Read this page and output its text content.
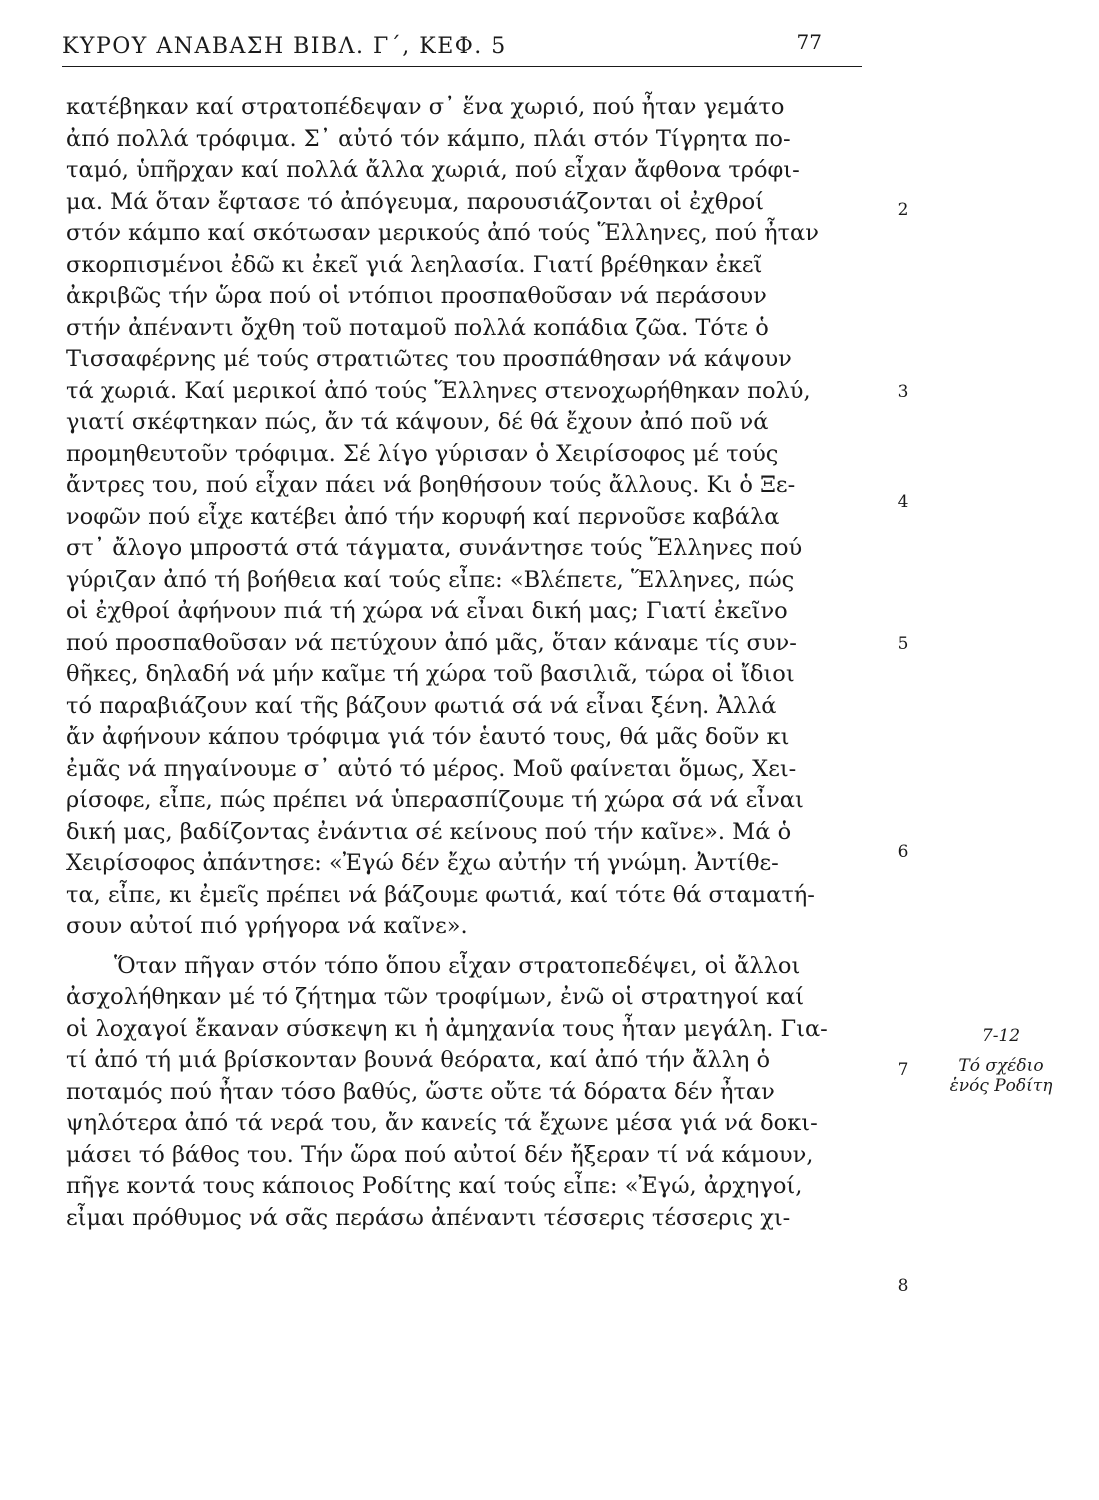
ΚΥΡΟΥ ΑΝΑΒΑΣΗ ΒΙΒΛ. Γ΄, ΚΕΦ. 5	77
κατέβηκαν καί στρατοπέδεψαν σ᾽ ἕνα χωριό, πού ἦταν γεμάτο
ἀπό πολλά τρόφιμα. Σ᾽ αὐτό τόν κάμπο, πλάι στόν Τίγρητα πο-
ταμό, ὑπῆρχαν καί πολλά ἄλλα χωριά, πού εἶχαν ἄφθονα τρόφι-
μα. Μά ὅταν ἔφτασε τό ἀπόγευμα, παρουσιάζονται οἱ ἐχθροί
στόν κάμπο καί σκότωσαν μερικούς ἀπό τούς Ἕλληνες, πού ἦταν
σκορπισμένοι ἐδῶ κι ἐκεῖ γιά λεηλασία. Γιατί βρέθηκαν ἐκεῖ
ἀκριβῶς τήν ὥρα πού οἱ ντόπιοι προσπαθοῦσαν νά περάσουν
στήν ἀπέναντι ὄχθη τοῦ ποταμοῦ πολλά κοπάδια ζῶα. Τότε ὁ
Τισσαφέρνης μέ τούς στρατιῶτες του προσπάθησαν νά κάψουν
τά χωριά. Καί μερικοί ἀπό τούς Ἕλληνες στενοχωρήθηκαν πολύ,
γιατί σκέφτηκαν πώς, ἄν τά κάψουν, δέ θά ἔχουν ἀπό ποῦ νά
προμηθευτοῦν τρόφιμα. Σέ λίγο γύρισαν ὁ Χειρίσοφος μέ τούς
ἄντρες του, πού εἶχαν πάει νά βοηθήσουν τούς ἄλλους. Κι ὁ Ξε-
νοφῶν πού εἶχε κατέβει ἀπό τήν κορυφή καί περνοῦσε καβάλα
στ᾽ ἄλογο μπροστά στά τάγματα, συνάντησε τούς Ἕλληνες πού
γύριζαν ἀπό τή βοήθεια καί τούς εἶπε: «Βλέπετε, Ἕλληνες, πώς
οἱ ἐχθροί ἀφήνουν πιά τή χώρα νά εἶναι δική μας; Γιατί ἐκεῖνο
πού προσπαθοῦσαν νά πετύχουν ἀπό μᾶς, ὅταν κάναμε τίς συν-
θῆκες, δηλαδή νά μήν καῖμε τή χώρα τοῦ βασιλιᾶ, τώρα οἱ ἴδιοι
τό παραβιάζουν καί τῆς βάζουν φωτιά σά νά εἶναι ξένη. Ἀλλά
ἄν ἀφήνουν κάπου τρόφιμα γιά τόν ἑαυτό τους, θά μᾶς δοῦν κι
ἐμᾶς νά πηγαίνουμε σ᾽ αὐτό τό μέρος. Μοῦ φαίνεται ὅμως, Χει-
ρίσοφε, εἶπε, πώς πρέπει νά ὑπερασπίζουμε τή χώρα σά νά εἶναι
δική μας, βαδίζοντας ἐνάντια σέ κείνους πού τήν καῖνε». Μά ὁ
Χειρίσοφος ἀπάντησε: «Ἐγώ δέν ἔχω αὐτήν τή γνώμη. Ἀντίθε-
τα, εἶπε, κι ἐμεῖς πρέπει νά βάζουμε φωτιά, καί τότε θά σταματή-
σουν αὐτοί πιό γρήγορα νά καῖνε».
Ὅταν πῆγαν στόν τόπο ὅπου εἶχαν στρατοπεδέψει, οἱ ἄλλοι
ἀσχολήθηκαν μέ τό ζήτημα τῶν τροφίμων, ἐνῶ οἱ στρατηγοί καί
οἱ λοχαγοί ἔκαναν σύσκεψη κι ἡ ἀμηχανία τους ἦταν μεγάλη. Για-
τί ἀπό τή μιά βρίσκονταν βουνά θεόρατα, καί ἀπό τήν ἄλλη ὁ
ποταμός πού ἦταν τόσο βαθύς, ὥστε οὔτε τά δόρατα δέν ἦταν
ψηλότερα ἀπό τά νερά του, ἄν κανείς τά ἔχωνε μέσα γιά νά δοκι-
μάσει τό βάθος του. Τήν ὥρα πού αὐτοί δέν ἤξεραν τί νά κάμουν,
πῆγε κοντά τους κάποιος Ροδίτης καί τούς εἶπε: «Ἐγώ, ἀρχηγοί,
εἶμαι πρόθυμος νά σᾶς περάσω ἀπέναντι τέσσερις τέσσερις χι-
2
3
4
5
6
7
8
7-12
Τό σχέδιο
ἑνός Ροδίτη
